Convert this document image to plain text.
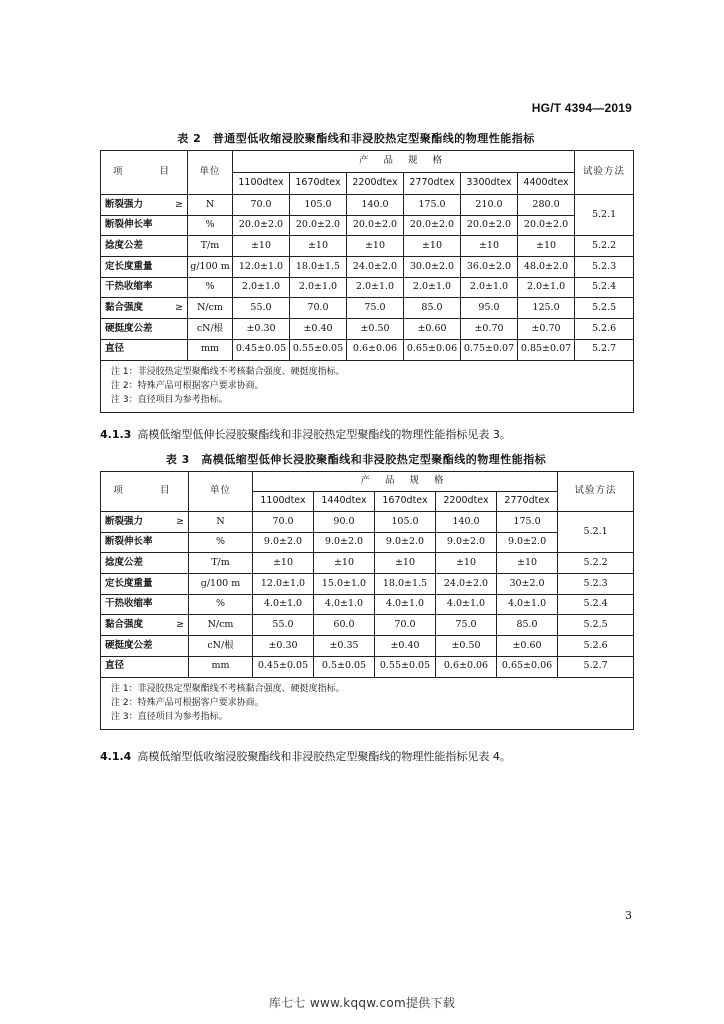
HG/T 4394—2019
表 2　普通型低收缩浸胶聚酯线和非浸胶热定型聚酯线的物理性能指标
项　　目	单位	产 品 规 格						试验方法
		1100dtex	1670dtex	2200dtex	2770dtex	3300dtex	4400dtex	

≥
断裂强力	N	70.0	105.0	140.0	175.0	210.0	280.0	5.2.1
断裂伸长率	%	20.0±2.0	20.0±2.0	20.0±2.0	20.0±2.0	20.0±2.0	20.0±2.0	
捻度公差	T/m	±10	±10	±10	±10	±10	±10	5.2.2
定长度重量	g/100 m	12.0±1.0	18.0±1.5	24.0±2.0	30.0±2.0	36.0±2.0	48.0±2.0	5.2.3
干热收缩率	%	2.0±1.0	2.0±1.0	2.0±1.0	2.0±1.0	2.0±1.0	2.0±1.0	5.2.4

≥
黏合强度	N/cm	55.0	70.0	75.0	85.0	95.0	125.0	5.2.5
硬挺度公差	cN/根	±0.30	±0.40	±0.50	±0.60	±0.70	±0.70	5.2.6
直径	mm	0.45±0.05	0.55±0.05	0.6±0.06	0.65±0.06	0.75±0.07	0.85±0.07	5.2.7

注 1：非浸胶热定型聚酯线不考核黏合强度、硬挺度指标。
注 2：特殊产品可根据客户要求协商。
注 3：直径项目为参考指标。								
4.1.3 高模低缩型低伸长浸胶聚酯线和非浸胶热定型聚酯线的物理性能指标见表 3。
表 3　高模低缩型低伸长浸胶聚酯线和非浸胶热定型聚酯线的物理性能指标
项　　目	单位	产 品 规 格					试验方法
		1100dtex	1440dtex	1670dtex	2200dtex	2770dtex	

≥
断裂强力	N	70.0	90.0	105.0	140.0	175.0	5.2.1
断裂伸长率	%	9.0±2.0	9.0±2.0	9.0±2.0	9.0±2.0	9.0±2.0	
捻度公差	T/m	±10	±10	±10	±10	±10	5.2.2
定长度重量	g/100 m	12.0±1.0	15.0±1.0	18.0±1.5	24.0±2.0	30±2.0	5.2.3
干热收缩率	%	4.0±1.0	4.0±1.0	4.0±1.0	4.0±1.0	4.0±1.0	5.2.4

≥
黏合强度	N/cm	55.0	60.0	70.0	75.0	85.0	5.2.5
硬挺度公差	cN/根	±0.30	±0.35	±0.40	±0.50	±0.60	5.2.6
直径	mm	0.45±0.05	0.5±0.05	0.55±0.05	0.6±0.06	0.65±0.06	5.2.7

注 1：非浸胶热定型聚酯线不考核黏合强度、硬挺度指标。
注 2：特殊产品可根据客户要求协商。
注 3：直径项目为参考指标。							
4.1.4 高模低缩型低收缩浸胶聚酯线和非浸胶热定型聚酯线的物理性能指标见表 4。
3
库七七 www.kqqw.com提供下载
